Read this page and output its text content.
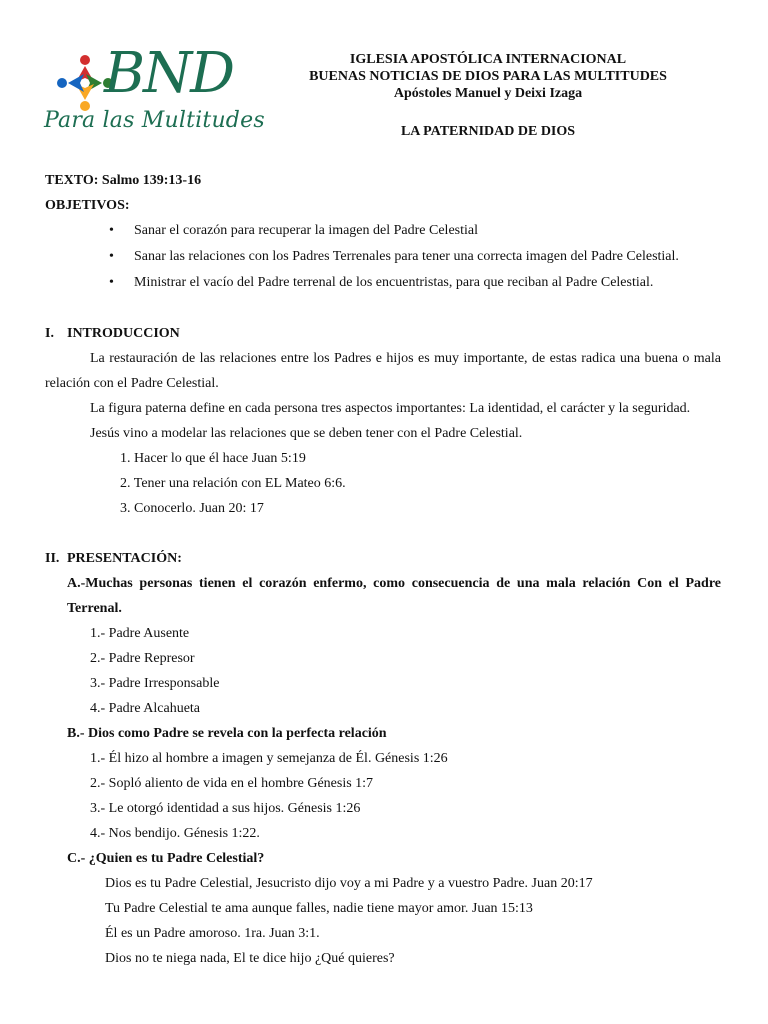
BND
Para las Multitudes
IGLESIA APOSTÓLICA INTERNACIONAL
BUENAS NOTICIAS DE DIOS PARA LAS MULTITUDES
Apóstoles Manuel y Deixi Izaga
LA PATERNIDAD DE DIOS
TEXTO: Salmo 139:13-16
OBJETIVOS:
• Sanar el corazón para recuperar la imagen del Padre Celestial
• Sanar las relaciones con los Padres Terrenales para tener una correcta imagen del Padre Celestial.
• Ministrar el vacío del Padre terrenal de los encuentristas, para que reciban al Padre Celestial.
I. INTRODUCCION
La restauración de las relaciones entre los Padres e hijos es muy importante, de estas radica una buena o mala
relación con el Padre Celestial.
La figura paterna define en cada persona tres aspectos importantes: La identidad, el carácter y la seguridad.
Jesús vino a modelar las relaciones que se deben tener con el Padre Celestial.
1. Hacer lo que él hace Juan 5:19
2. Tener una relación con EL Mateo 6:6.
3. Conocerlo. Juan 20: 17
II. PRESENTACIÓN:
A.-Muchas personas tienen el corazón enfermo, como consecuencia de una mala relación Con el Padre
Terrenal.
1.- Padre Ausente
2.- Padre Represor
3.- Padre Irresponsable
4.- Padre Alcahueta
B.- Dios como Padre se revela con la perfecta relación
1.- Él hizo al hombre a imagen y semejanza de Él. Génesis 1:26
2.- Sopló aliento de vida en el hombre Génesis 1:7
3.- Le otorgó identidad a sus hijos. Génesis 1:26
4.- Nos bendijo. Génesis 1:22.
C.- ¿Quien es tu Padre Celestial?
Dios es tu Padre Celestial, Jesucristo dijo voy a mi Padre y a vuestro Padre. Juan 20:17
Tu Padre Celestial te ama aunque falles, nadie tiene mayor amor. Juan 15:13
Él es un Padre amoroso. 1ra. Juan 3:1.
Dios no te niega nada, El te dice hijo ¿Qué quieres?
